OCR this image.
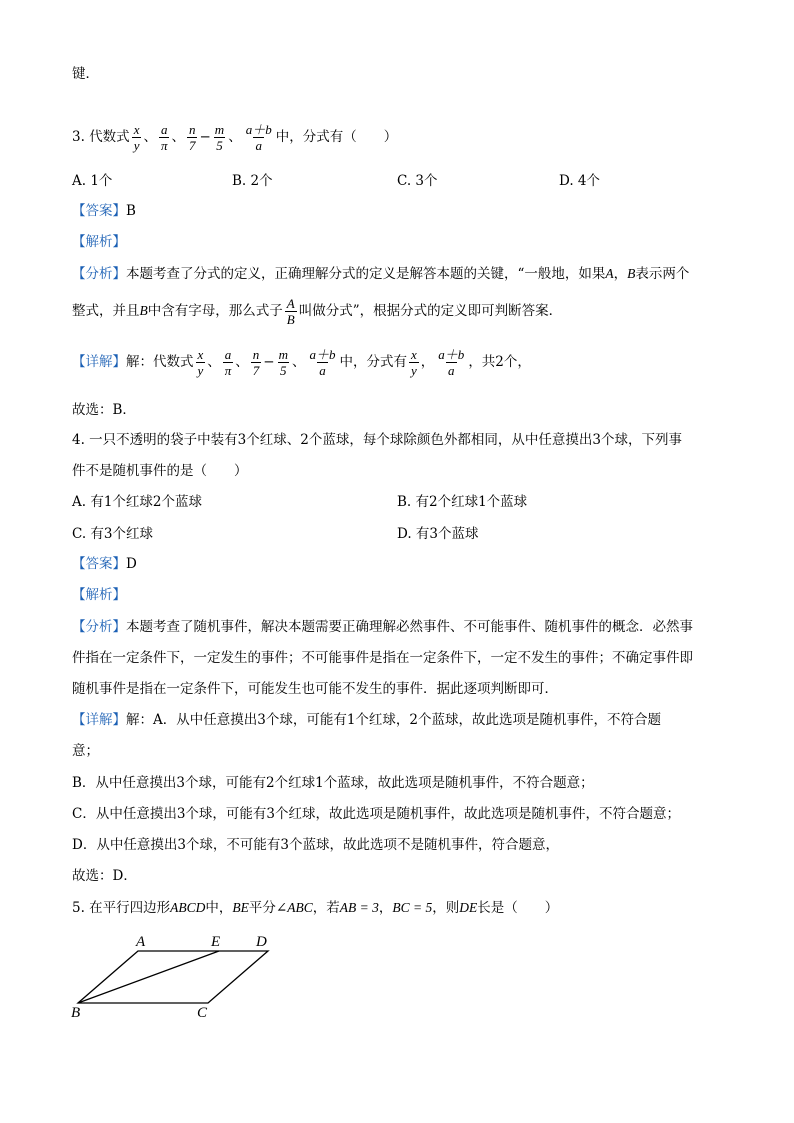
键．
3. 代数式 $\frac{x}{y}$ 、 $\frac{a}{\pi}$ 、 $\frac{n}{7} - \frac{m}{5}$ 、 $\frac{a+b}{a}$ 中，分式有（　　）
A. 1个	B. 2个	C. 3个	D. 4个
【答案】B
【解析】
【分析】本题考查了分式的定义，正确理解分式的定义是解答本题的关键，“一般地，如果A，B表示两个
整式，并且B中含有字母，那么式子 $\frac{A}{B}$ 叫做分式”，根据分式的定义即可判断答案．
【详解】解：代数式 $\frac{x}{y}$ 、 $\frac{a}{\pi}$ 、 $\frac{n}{7} - \frac{m}{5}$ 、 $\frac{a+b}{a}$ 中，分式有 $\frac{x}{y}$ ， $\frac{a+b}{a}$ ，共2个，
故选：B．
4. 一只不透明的袋子中装有3个红球、2个蓝球，每个球除颜色外都相同，从中任意摸出3个球，下列事
件不是随机事件的是（　　）
A. 有1个红球2个蓝球	B. 有2个红球1个蓝球
C. 有3个红球	D. 有3个蓝球
【答案】D
【解析】
【分析】本题考查了随机事件，解决本题需要正确理解必然事件、不可能事件、随机事件的概念．必然事
件指在一定条件下，一定发生的事件；不可能事件是指在一定条件下，一定不发生的事件；不确定事件即
随机事件是指在一定条件下，可能发生也可能不发生的事件．据此逐项判断即可．
【详解】解：A．从中任意摸出3个球，可能有1个红球，2个蓝球，故此选项是随机事件，不符合题
意；
B．从中任意摸出3个球，可能有2个红球1个蓝球，故此选项是随机事件，不符合题意；
C．从中任意摸出3个球，可能有3个红球，故此选项是随机事件，故此选项是随机事件，不符合题意；
D．从中任意摸出3个球，不可能有3个蓝球，故此选项不是随机事件，符合题意，
故选：D．
5. 在平行四边形ABCD中，BE平分∠ABC，若AB = 3，BC = 5，则DE长是（　　）
A	E D
B	C
